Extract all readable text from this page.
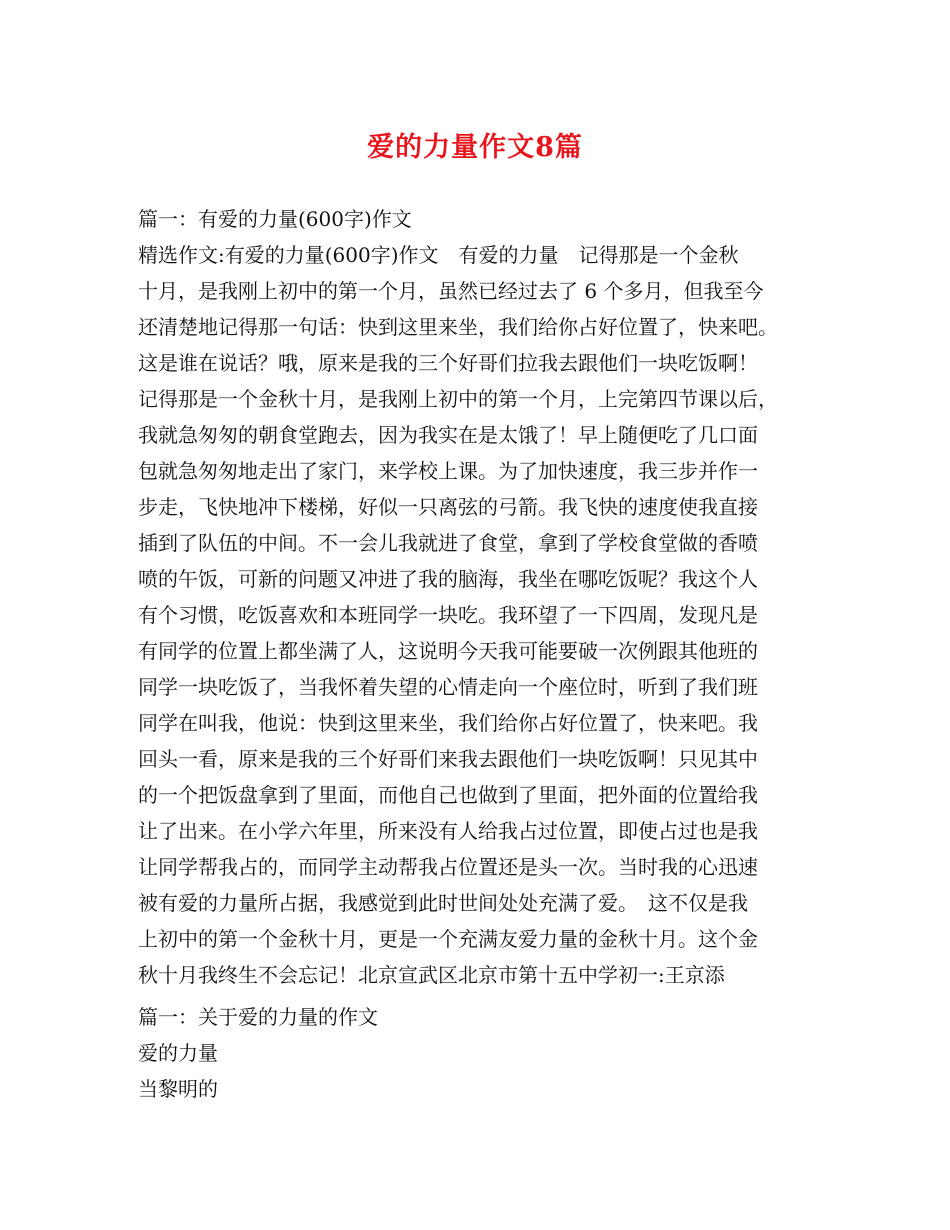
爱的力量作文8篇
篇一：有爱的力量(600字)作文
精选作文:有爱的力量(600字)作文　有爱的力量　记得那是一个金秋
十月，是我刚上初中的第一个月，虽然已经过去了 6 个多月，但我至今
还清楚地记得那一句话：快到这里来坐，我们给你占好位置了，快来吧。
这是谁在说话？哦，原来是我的三个好哥们拉我去跟他们一块吃饭啊！
记得那是一个金秋十月，是我刚上初中的第一个月，上完第四节课以后，
我就急匆匆的朝食堂跑去，因为我实在是太饿了！早上随便吃了几口面
包就急匆匆地走出了家门，来学校上课。为了加快速度，我三步并作一
步走，飞快地冲下楼梯，好似一只离弦的弓箭。我飞快的速度使我直接
插到了队伍的中间。不一会儿我就进了食堂，拿到了学校食堂做的香喷
喷的午饭，可新的问题又冲进了我的脑海，我坐在哪吃饭呢？我这个人
有个习惯，吃饭喜欢和本班同学一块吃。我环望了一下四周，发现凡是
有同学的位置上都坐满了人，这说明今天我可能要破一次例跟其他班的
同学一块吃饭了，当我怀着失望的心情走向一个座位时，听到了我们班
同学在叫我，他说：快到这里来坐，我们给你占好位置了，快来吧。我
回头一看，原来是我的三个好哥们来我去跟他们一块吃饭啊！只见其中
的一个把饭盘拿到了里面，而他自己也做到了里面，把外面的位置给我
让了出来。在小学六年里，所来没有人给我占过位置，即使占过也是我
让同学帮我占的，而同学主动帮我占位置还是头一次。当时我的心迅速
被有爱的力量所占据，我感觉到此时世间处处充满了爱。　这不仅是我
上初中的第一个金秋十月，更是一个充满友爱力量的金秋十月。这个金
秋十月我终生不会忘记！北京宣武区北京市第十五中学初一:王京添
篇一：关于爱的力量的作文
爱的力量
当黎明的
